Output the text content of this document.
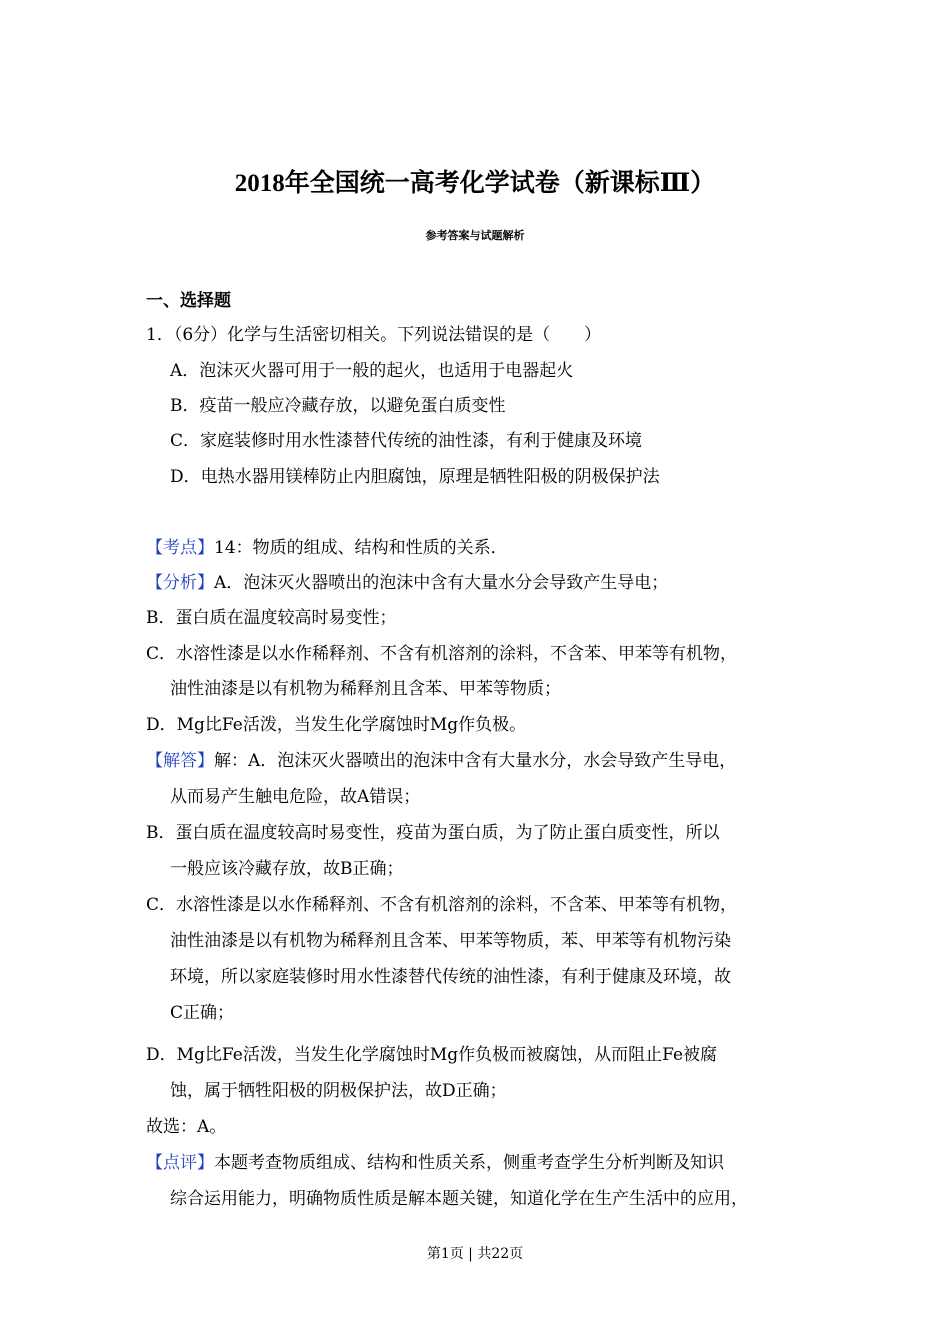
2018年全国统一高考化学试卷（新课标Ⅲ）
参考答案与试题解析
一、选择题
1．（6分）化学与生活密切相关。下列说法错误的是（　　）
A．泡沫灭火器可用于一般的起火，也适用于电器起火
B．疫苗一般应冷藏存放，以避免蛋白质变性
C．家庭装修时用水性漆替代传统的油性漆，有利于健康及环境
D．电热水器用镁棒防止内胆腐蚀，原理是牺牲阳极的阴极保护法
【考点】14：物质的组成、结构和性质的关系．
【分析】A．泡沫灭火器喷出的泡沫中含有大量水分会导致产生导电；
B．蛋白质在温度较高时易变性；
C．水溶性漆是以水作稀释剂、不含有机溶剂的涂料，不含苯、甲苯等有机物，
油性油漆是以有机物为稀释剂且含苯、甲苯等物质；
D．Mg比Fe活泼，当发生化学腐蚀时Mg作负极。
【解答】解：A．泡沫灭火器喷出的泡沫中含有大量水分，水会导致产生导电，
从而易产生触电危险，故A错误；
B．蛋白质在温度较高时易变性，疫苗为蛋白质，为了防止蛋白质变性，所以
一般应该冷藏存放，故B正确；
C．水溶性漆是以水作稀释剂、不含有机溶剂的涂料，不含苯、甲苯等有机物，
油性油漆是以有机物为稀释剂且含苯、甲苯等物质，苯、甲苯等有机物污染
环境，所以家庭装修时用水性漆替代传统的油性漆，有利于健康及环境，故
C正确；
D．Mg比Fe活泼，当发生化学腐蚀时Mg作负极而被腐蚀，从而阻止Fe被腐
蚀，属于牺牲阳极的阴极保护法，故D正确；
故选：A。
【点评】本题考查物质组成、结构和性质关系，侧重考查学生分析判断及知识
综合运用能力，明确物质性质是解本题关键，知道化学在生产生活中的应用，
第1页 | 共22页
